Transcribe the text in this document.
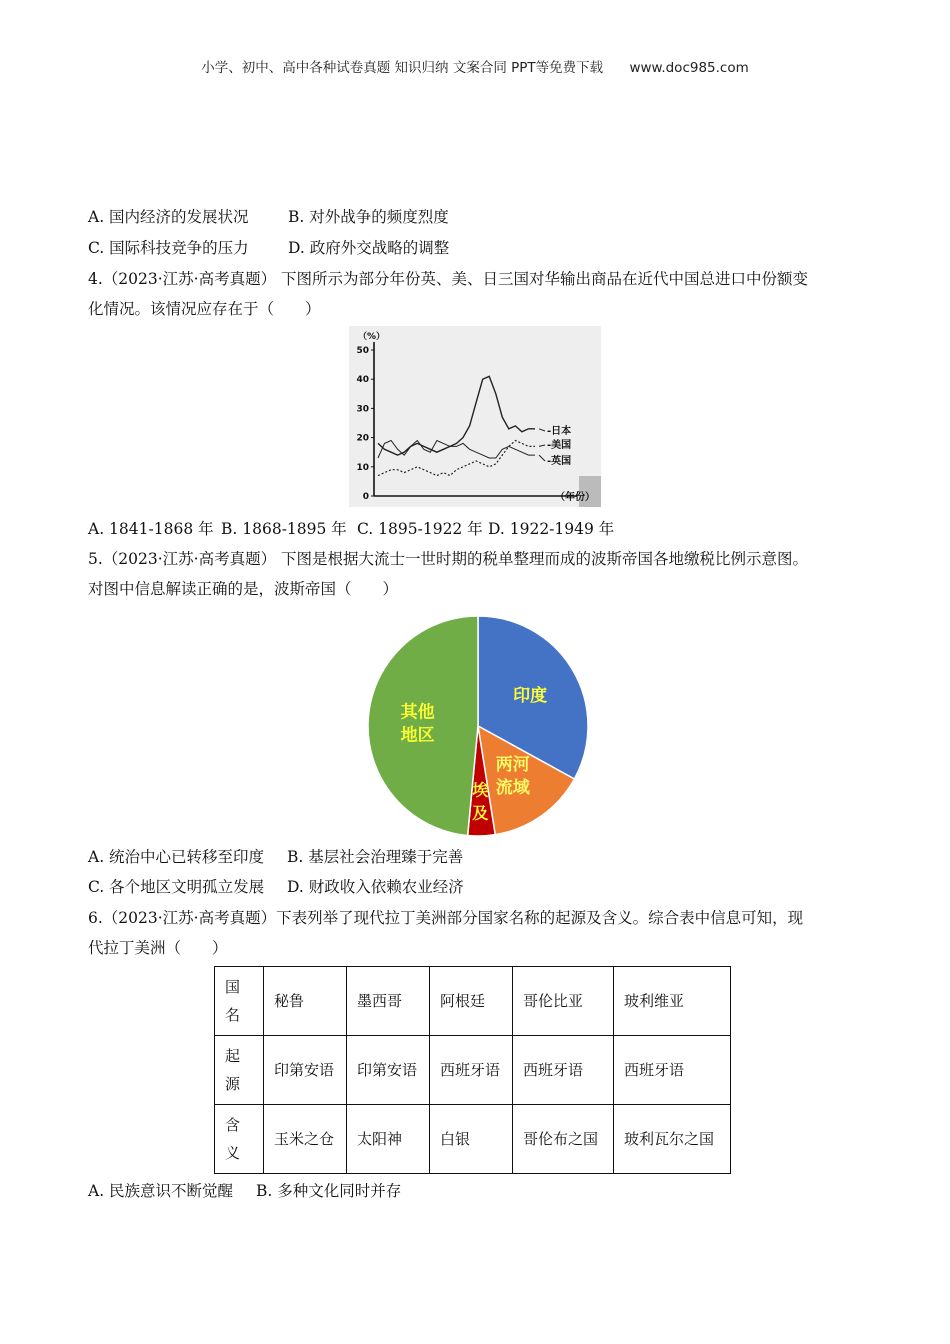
小学、初中、高中各种试卷真题 知识归纳 文案合同 PPT等免费下载 www.doc985.com
A. 国内经济的发展状况	B. 对外战争的频度烈度
C. 国际科技竞争的压力	D. 政府外交战略的调整
4.（2023·江苏·高考真题） 下图所示为部分年份英、美、日三国对华输出商品在近代中国总进口中份额变
化情况。该情况应存在于（　　）
0
10
20
30
40
50
（%）
（年份）
-日本
-美国
-英国
A. 1841-1868 年 B. 1868-1895 年 C. 1895-1922 年 D. 1922-1949 年
5.（2023·江苏·高考真题） 下图是根据大流士一世时期的税单整理而成的波斯帝国各地缴税比例示意图。
对图中信息解读正确的是，波斯帝国（　　）
印度
两河流域
埃及
其他地区
A. 统治中心已转移至印度 B. 基层社会治理臻于完善
C. 各个地区文明孤立发展 D. 财政收入依赖农业经济
6.（2023·江苏·高考真题）下表列举了现代拉丁美洲部分国家名称的起源及含义。综合表中信息可知，现
代拉丁美洲（　　）
国名	秘鲁	墨西哥	阿根廷	哥伦比亚	玻利维亚
起源	印第安语	印第安语	西班牙语	西班牙语	西班牙语
含义	玉米之仓	太阳神	白银	哥伦布之国	玻利瓦尔之国
A. 民族意识不断觉醒 B. 多种文化同时并存
